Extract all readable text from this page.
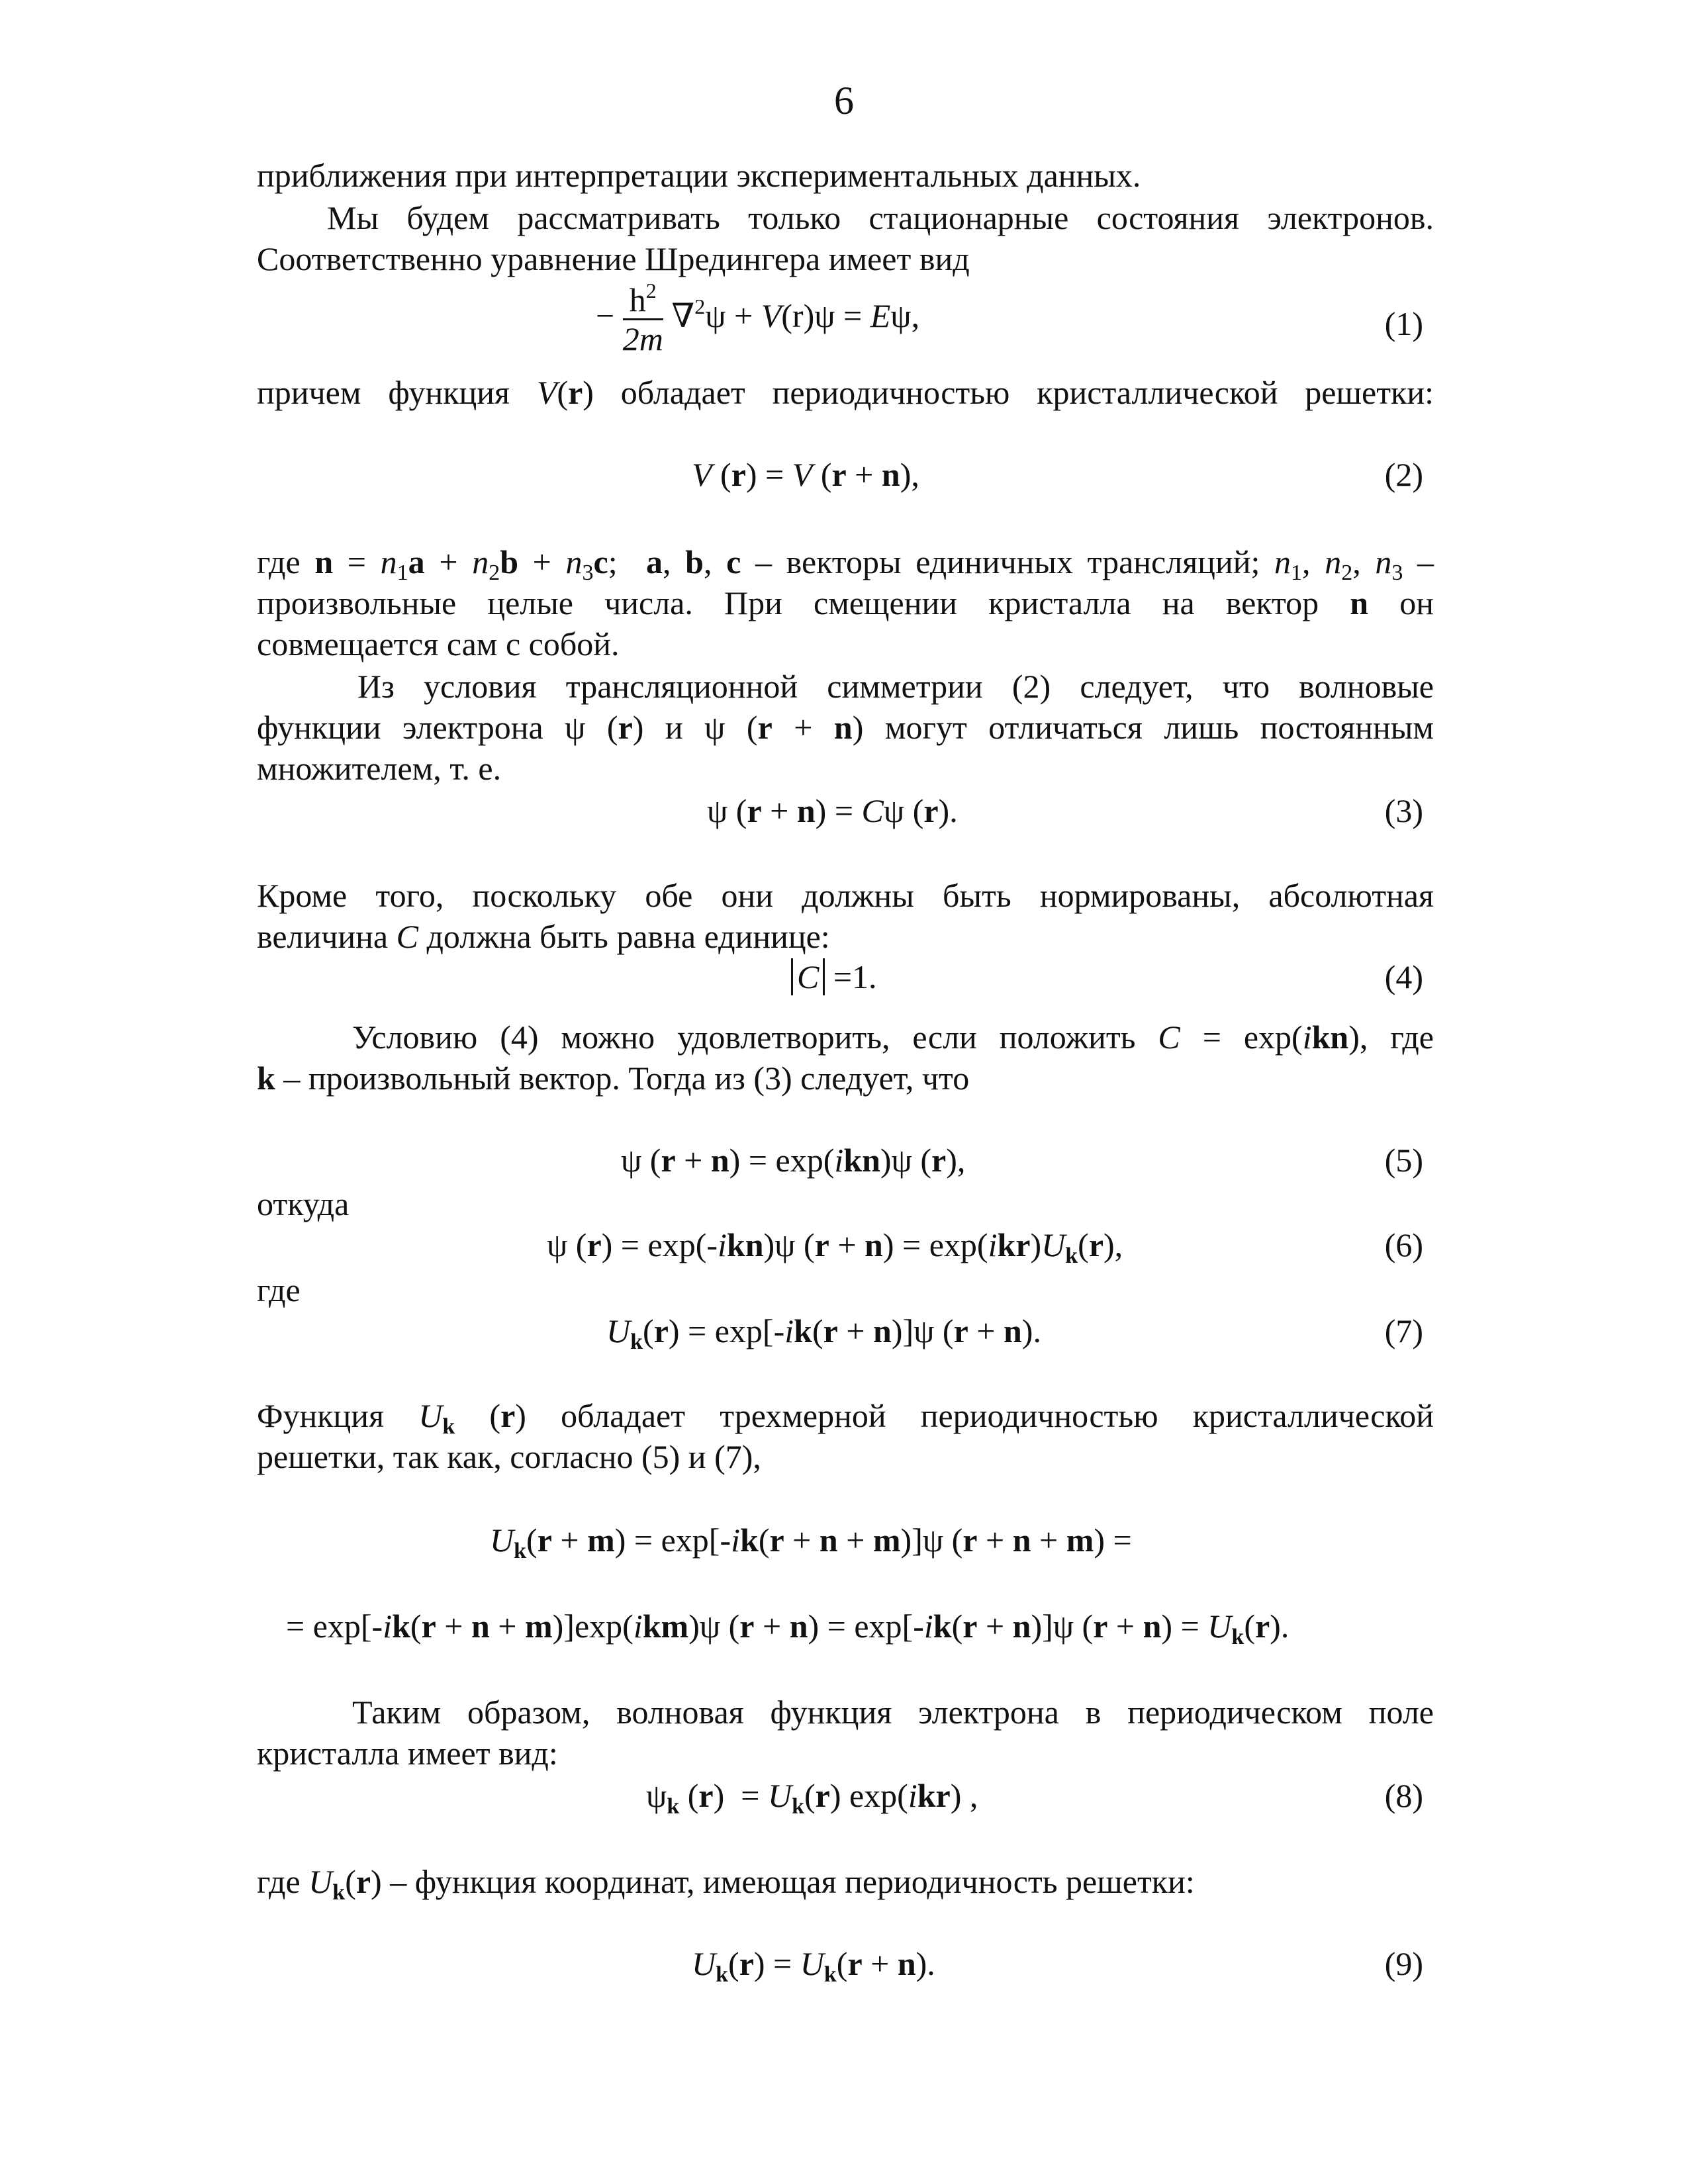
6
приближения при интерпретации экспериментальных данных.
Мы будем рассматривать только стационарные состояния электронов.
Соответственно уравнение Шредингера имеет вид
− $\frac{h^2}{2m} \nabla^2\psi + V(r)\psi = E\psi$,	(1)
причем функция V(r) обладает периодичностью кристаллической решетки:
V (r) = V (r + n),	(2)
где $n = n_1a + n_2b + n_3c$;  a, b, c – векторы единичных трансляций; $n_1$, $n_2$, $n_3$ –
произвольные целые числа. При смещении кристалла на вектор n он
совмещается сам с собой.
Из условия трансляционной симметрии (2) следует, что волновые
функции электрона ψ (r) и ψ (r + n) могут отличаться лишь постоянным
множителем, т. е.
ψ (r + n) = Cψ (r).	(3)
Кроме того, поскольку обе они должны быть нормированы, абсолютная
величина C должна быть равна единице:
C =1.	(4)
Условию (4) можно удовлетворить, если положить C = exp(ikn), где
k – произвольный вектор. Тогда из (3) следует, что
ψ (r + n) = exp(ikn)ψ (r),	(5)
откуда
ψ (r) = exp(-ikn)ψ $(r + n) = \exp(ikr)U_k(r)$,	(6)
где
$U_k(r) = \exp[-ik(r + n)]\psi$ (r + n).	(7)
Функция $U_k$ (r) обладает трехмерной периодичностью кристаллической
решетки, так как, согласно (5) и (7),
$U_k(r + m) = \exp[-ik(r + n + m)]\psi$ (r + n + m) =
= exp[-ik(r + n + m)]exp(ikm)ψ (r + n) = exp[-ik(r + n)]ψ $(r + n) = U_k(r)$.
Таким образом, волновая функция электрона в периодическом поле
кристалла имеет вид:
$\psi_k$ $(r) = U_k(r)$ exp(ikr) ,	(8)
где $U_k(r)$ – функция координат, имеющая периодичность решетки:
$U_k(r) = U_k(r + n)$.	(9)
